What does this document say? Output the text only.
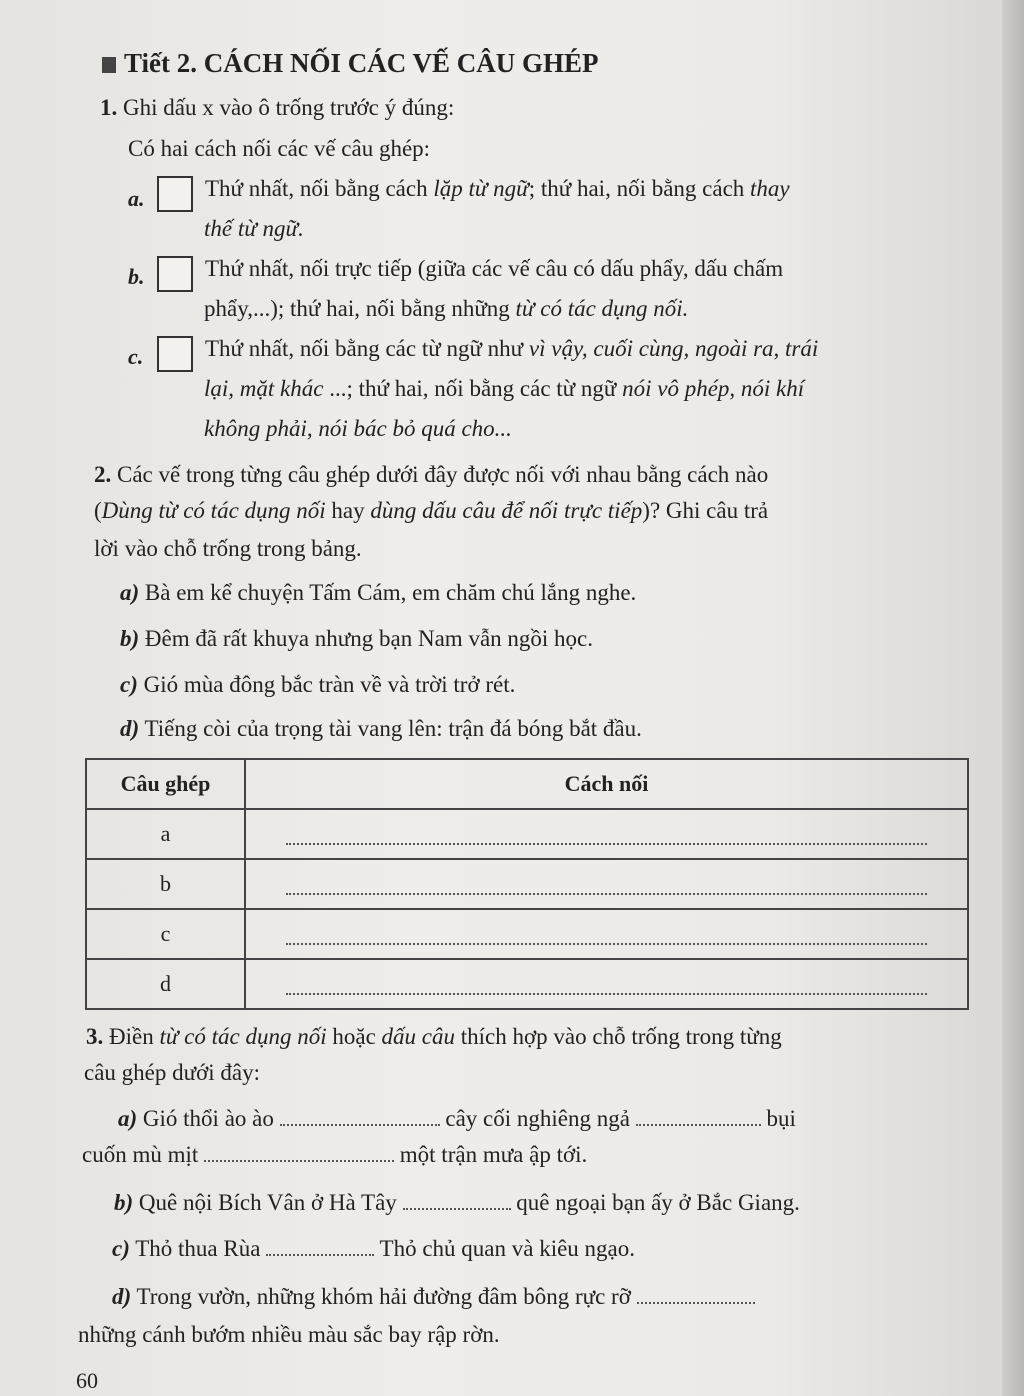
Tiết 2. CÁCH NỐI CÁC VẾ CÂU GHÉP
1. Ghi dấu x vào ô trống trước ý đúng:
Có hai cách nối các vế câu ghép:
a.	Thứ nhất, nối bằng cách lặp từ ngữ; thứ hai, nối bằng cách thay
thế từ ngữ.
b.	Thứ nhất, nối trực tiếp (giữa các vế câu có dấu phẩy, dấu chấm
phẩy,...); thứ hai, nối bằng những từ có tác dụng nối.
c.	Thứ nhất, nối bằng các từ ngữ như vì vậy, cuối cùng, ngoài ra, trái
lại, mặt khác ...; thứ hai, nối bằng các từ ngữ nói vô phép, nói khí
không phải, nói bác bỏ quá cho...
2. Các vế trong từng câu ghép dưới đây được nối với nhau bằng cách nào
(Dùng từ có tác dụng nối hay dùng dấu câu để nối trực tiếp)? Ghi câu trả
lời vào chỗ trống trong bảng.
a) Bà em kể chuyện Tấm Cám, em chăm chú lắng nghe.
b) Đêm đã rất khuya nhưng bạn Nam vẫn ngồi học.
c) Gió mùa đông bắc tràn về và trời trở rét.
d) Tiếng còi của trọng tài vang lên: trận đá bóng bắt đầu.
Câu ghép	Cách nối
a	

b	

c	

d	
3. Điền từ có tác dụng nối hoặc dấu câu thích hợp vào chỗ trống trong từng
câu ghép dưới đây:
a) Gió thổi ào ào	cây cối nghiêng ngả	bụi
cuốn mù mịt	một trận mưa ập tới.
b) Quê nội Bích Vân ở Hà Tây	quê ngoại bạn ấy ở Bắc Giang.
c) Thỏ thua Rùa	Thỏ chủ quan và kiêu ngạo.
d) Trong vườn, những khóm hải đường đâm bông rực rỡ
những cánh bướm nhiều màu sắc bay rập rờn.
60
